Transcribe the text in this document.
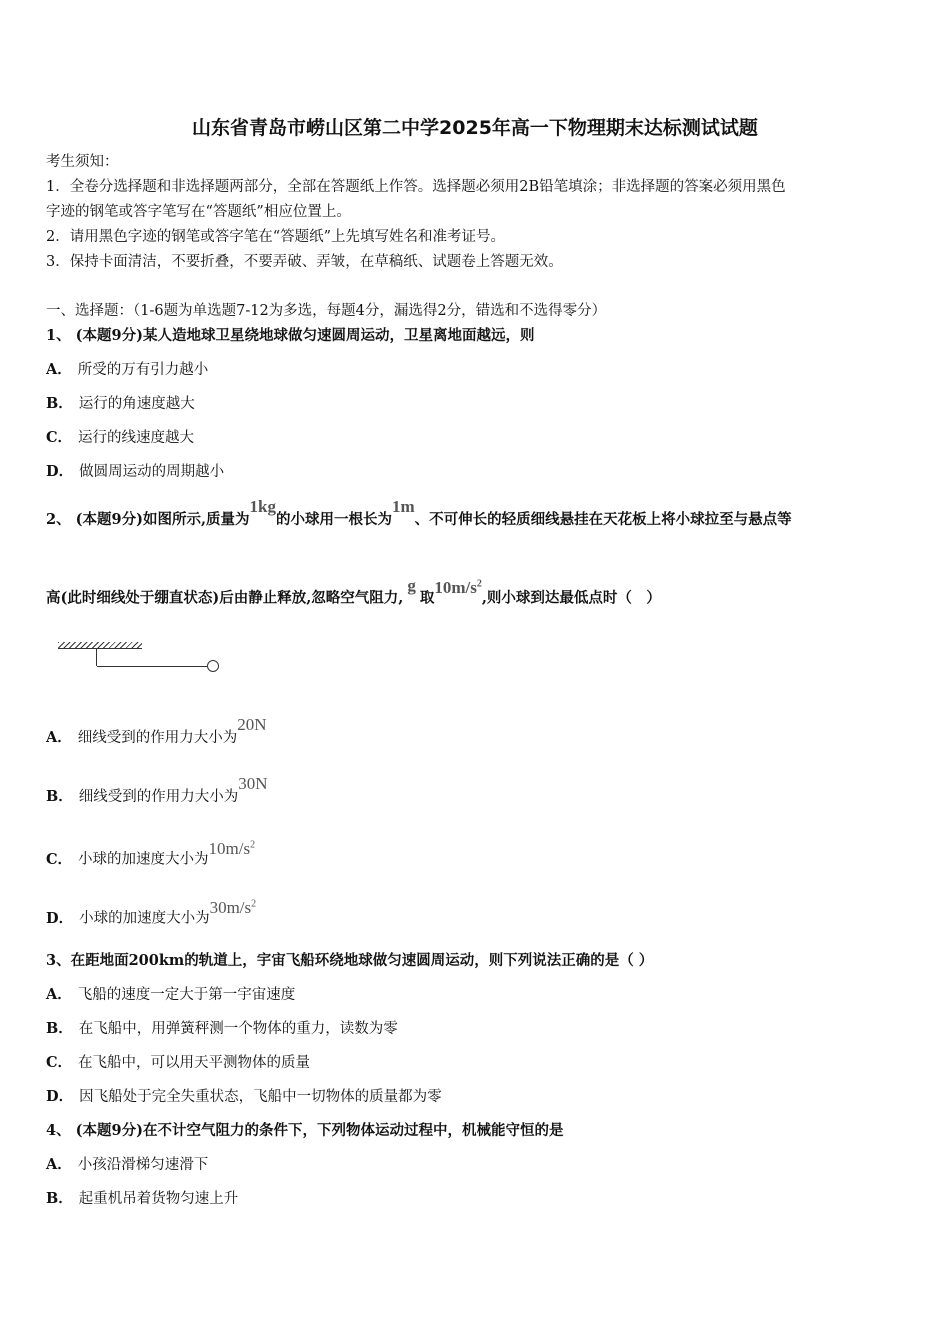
山东省青岛市崂山区第二中学2025年高一下物理期末达标测试试题
考生须知：
1．全卷分选择题和非选择题两部分，全部在答题纸上作答。选择题必须用2B铅笔填涂；非选择题的答案必须用黑色
字迹的钢笔或答字笔写在“答题纸”相应位置上。
2．请用黑色字迹的钢笔或答字笔在“答题纸”上先填写姓名和准考证号。
3．保持卡面清洁，不要折叠，不要弄破、弄皱，在草稿纸、试题卷上答题无效。
一、选择题：（1-6题为单选题7-12为多选，每题4分，漏选得2分，错选和不选得零分）
1、 (本题9分)某人造地球卫星绕地球做匀速圆周运动，卫星离地面越远，则
A． 所受的万有引力越小
B． 运行的角速度越大
C． 运行的线速度越大
D． 做圆周运动的周期越小
2、 (本题9分)如图所示,质量为1kg的小球用一根长为1m、不可伸长的轻质细线悬挂在天花板上将小球拉至与悬点等
高(此时细线处于绷直状态)后由静止释放,忽略空气阻力,g取$10m/s^2$,则小球到达最低点时（　）
A． 细线受到的作用力大小为20N
B． 细线受到的作用力大小为30N
C． 小球的加速度大小为$10m/s^2$
D． 小球的加速度大小为$30m/s^2$
3、在距地面200km的轨道上，宇宙飞船环绕地球做匀速圆周运动，则下列说法正确的是（ ）
A． 飞船的速度一定大于第一宇宙速度
B． 在飞船中，用弹簧秤测一个物体的重力，读数为零
C． 在飞船中，可以用天平测物体的质量
D． 因飞船处于完全失重状态，飞船中一切物体的质量都为零
4、 (本题9分)在不计空气阻力的条件下，下列物体运动过程中，机械能守恒的是
A． 小孩沿滑梯匀速滑下
B． 起重机吊着货物匀速上升
